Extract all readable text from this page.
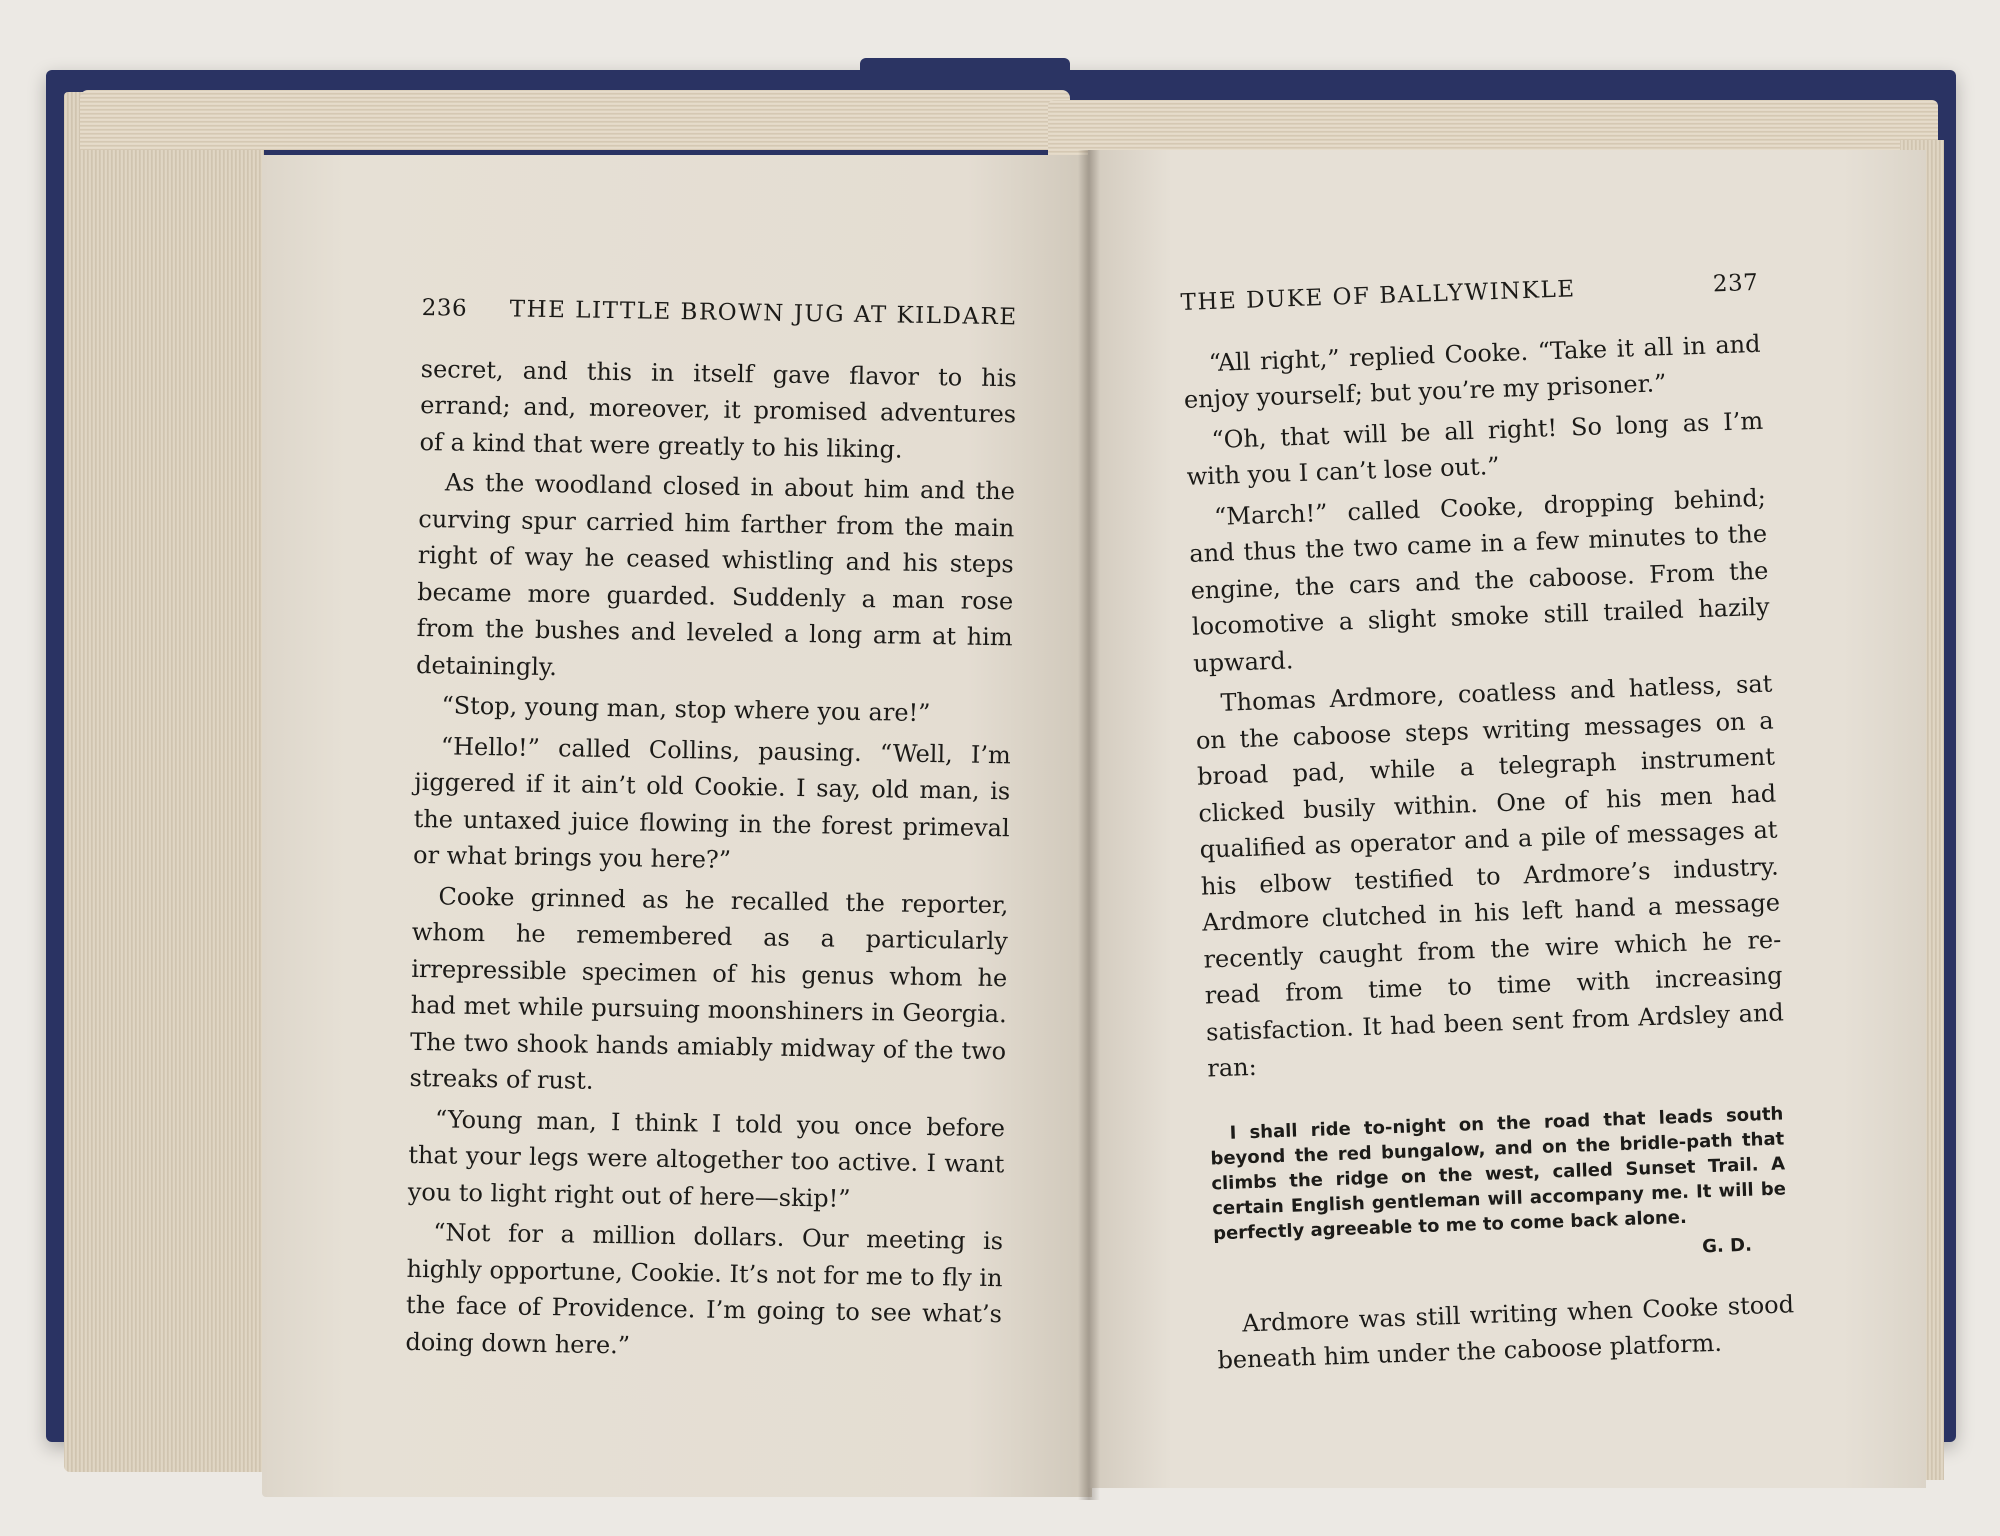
236 THE LITTLE BROWN JUG AT KILDARE

secret, and this in itself gave flavor to his errand; and, moreover, it promised adventures of a kind that were greatly to his liking.

As the woodland closed in about him and the curving spur carried him farther from the main right of way he ceased whistling and his steps became more guarded. Suddenly a man rose from the bushes and leveled a long arm at him detainingly.

“Stop, young man, stop where you are!”

“Hello!” called Collins, pausing. “Well, I’m jiggered if it ain’t old Cookie. I say, old man, is the untaxed juice flowing in the forest primeval or what brings you here?”

Cooke grinned as he recalled the reporter, whom he remembered as a particularly irrepressible specimen of his genus whom he had met while pursuing moonshiners in Georgia. The two shook hands amiably midway of the two streaks of rust.

“Young man, I think I told you once before that your legs were altogether too active. I want you to light right out of here—skip!”

“Not for a million dollars. Our meeting is highly opportune, Cookie. It’s not for me to fly in the face of Providence. I’m going to see what’s doing down here.”

THE DUKE OF BALLYWINKLE	237

“All right,” replied Cooke. “Take it all in and enjoy yourself; but you’re my prisoner.”

“Oh, that will be all right! So long as I’m with you I can’t lose out.”

“March!” called Cooke, dropping behind; and thus the two came in a few minutes to the engine, the cars and the caboose. From the locomotive a slight smoke still trailed hazily upward.

Thomas Ardmore, coatless and hatless, sat on the caboose steps writing messages on a broad pad, while a telegraph instrument clicked busily within. One of his men had qualified as operator and a pile of messages at his elbow testified to Ardmore’s industry. Ardmore clutched in his left hand a message recently caught from the wire which he re-read from time to time with increasing satisfaction. It had been sent from Ardsley and ran:

I shall ride to-night on the road that leads south beyond the red bungalow, and on the bridle-path that climbs the ridge on the west, called Sunset Trail. A certain English gentleman will accompany me. It will be perfectly agreeable to me to come back alone.

G. D.

Ardmore was still writing when Cooke stood beneath him under the caboose platform.
